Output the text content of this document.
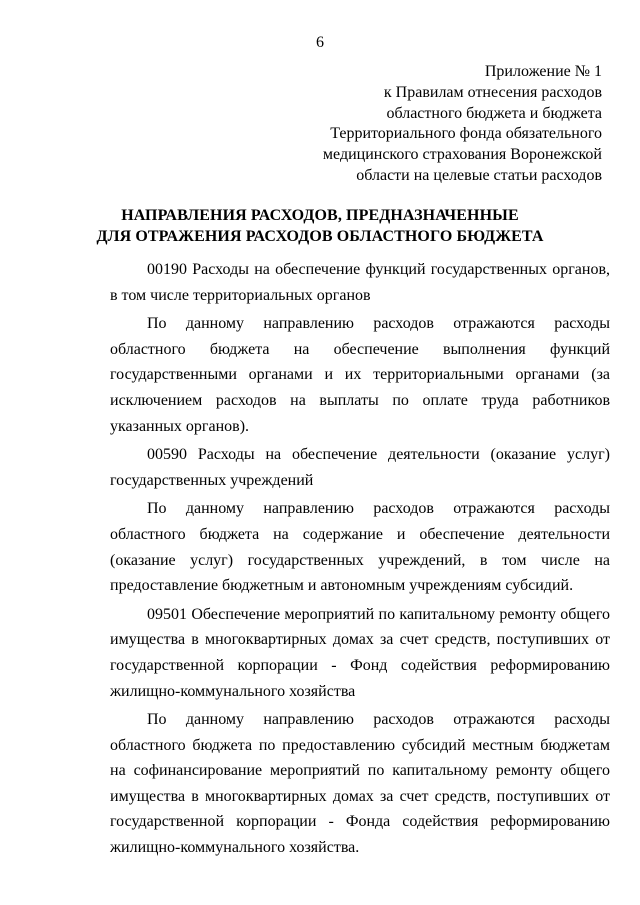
6
Приложение № 1
к Правилам отнесения расходов
областного бюджета и бюджета
Территориального фонда обязательного
медицинского страхования Воронежской
области на целевые статьи расходов
НАПРАВЛЕНИЯ РАСХОДОВ, ПРЕДНАЗНАЧЕННЫЕ
ДЛЯ ОТРАЖЕНИЯ РАСХОДОВ ОБЛАСТНОГО БЮДЖЕТА

00190 Расходы на обеспечение функций государственных органов, в том числе территориальных органов

По данному направлению расходов отражаются расходы областного бюджета на обеспечение выполнения функций государственными органами и их территориальными органами (за исключением расходов на выплаты по оплате труда работников указанных органов).

00590 Расходы на обеспечение деятельности (оказание услуг) государственных учреждений

По данному направлению расходов отражаются расходы областного бюджета на содержание и обеспечение деятельности (оказание услуг) государственных учреждений, в том числе на предоставление бюджетным и автономным учреждениям субсидий.

09501 Обеспечение мероприятий по капитальному ремонту общего имущества в многоквартирных домах за счет средств, поступивших от государственной корпорации - Фонд содействия реформированию жилищно-коммунального хозяйства

По данному направлению расходов отражаются расходы областного бюджета по предоставлению субсидий местным бюджетам на софинансирование мероприятий по капитальному ремонту общего имущества в многоквартирных домах за счет средств, поступивших от государственной корпорации - Фонда содействия реформированию жилищно-коммунального хозяйства.
